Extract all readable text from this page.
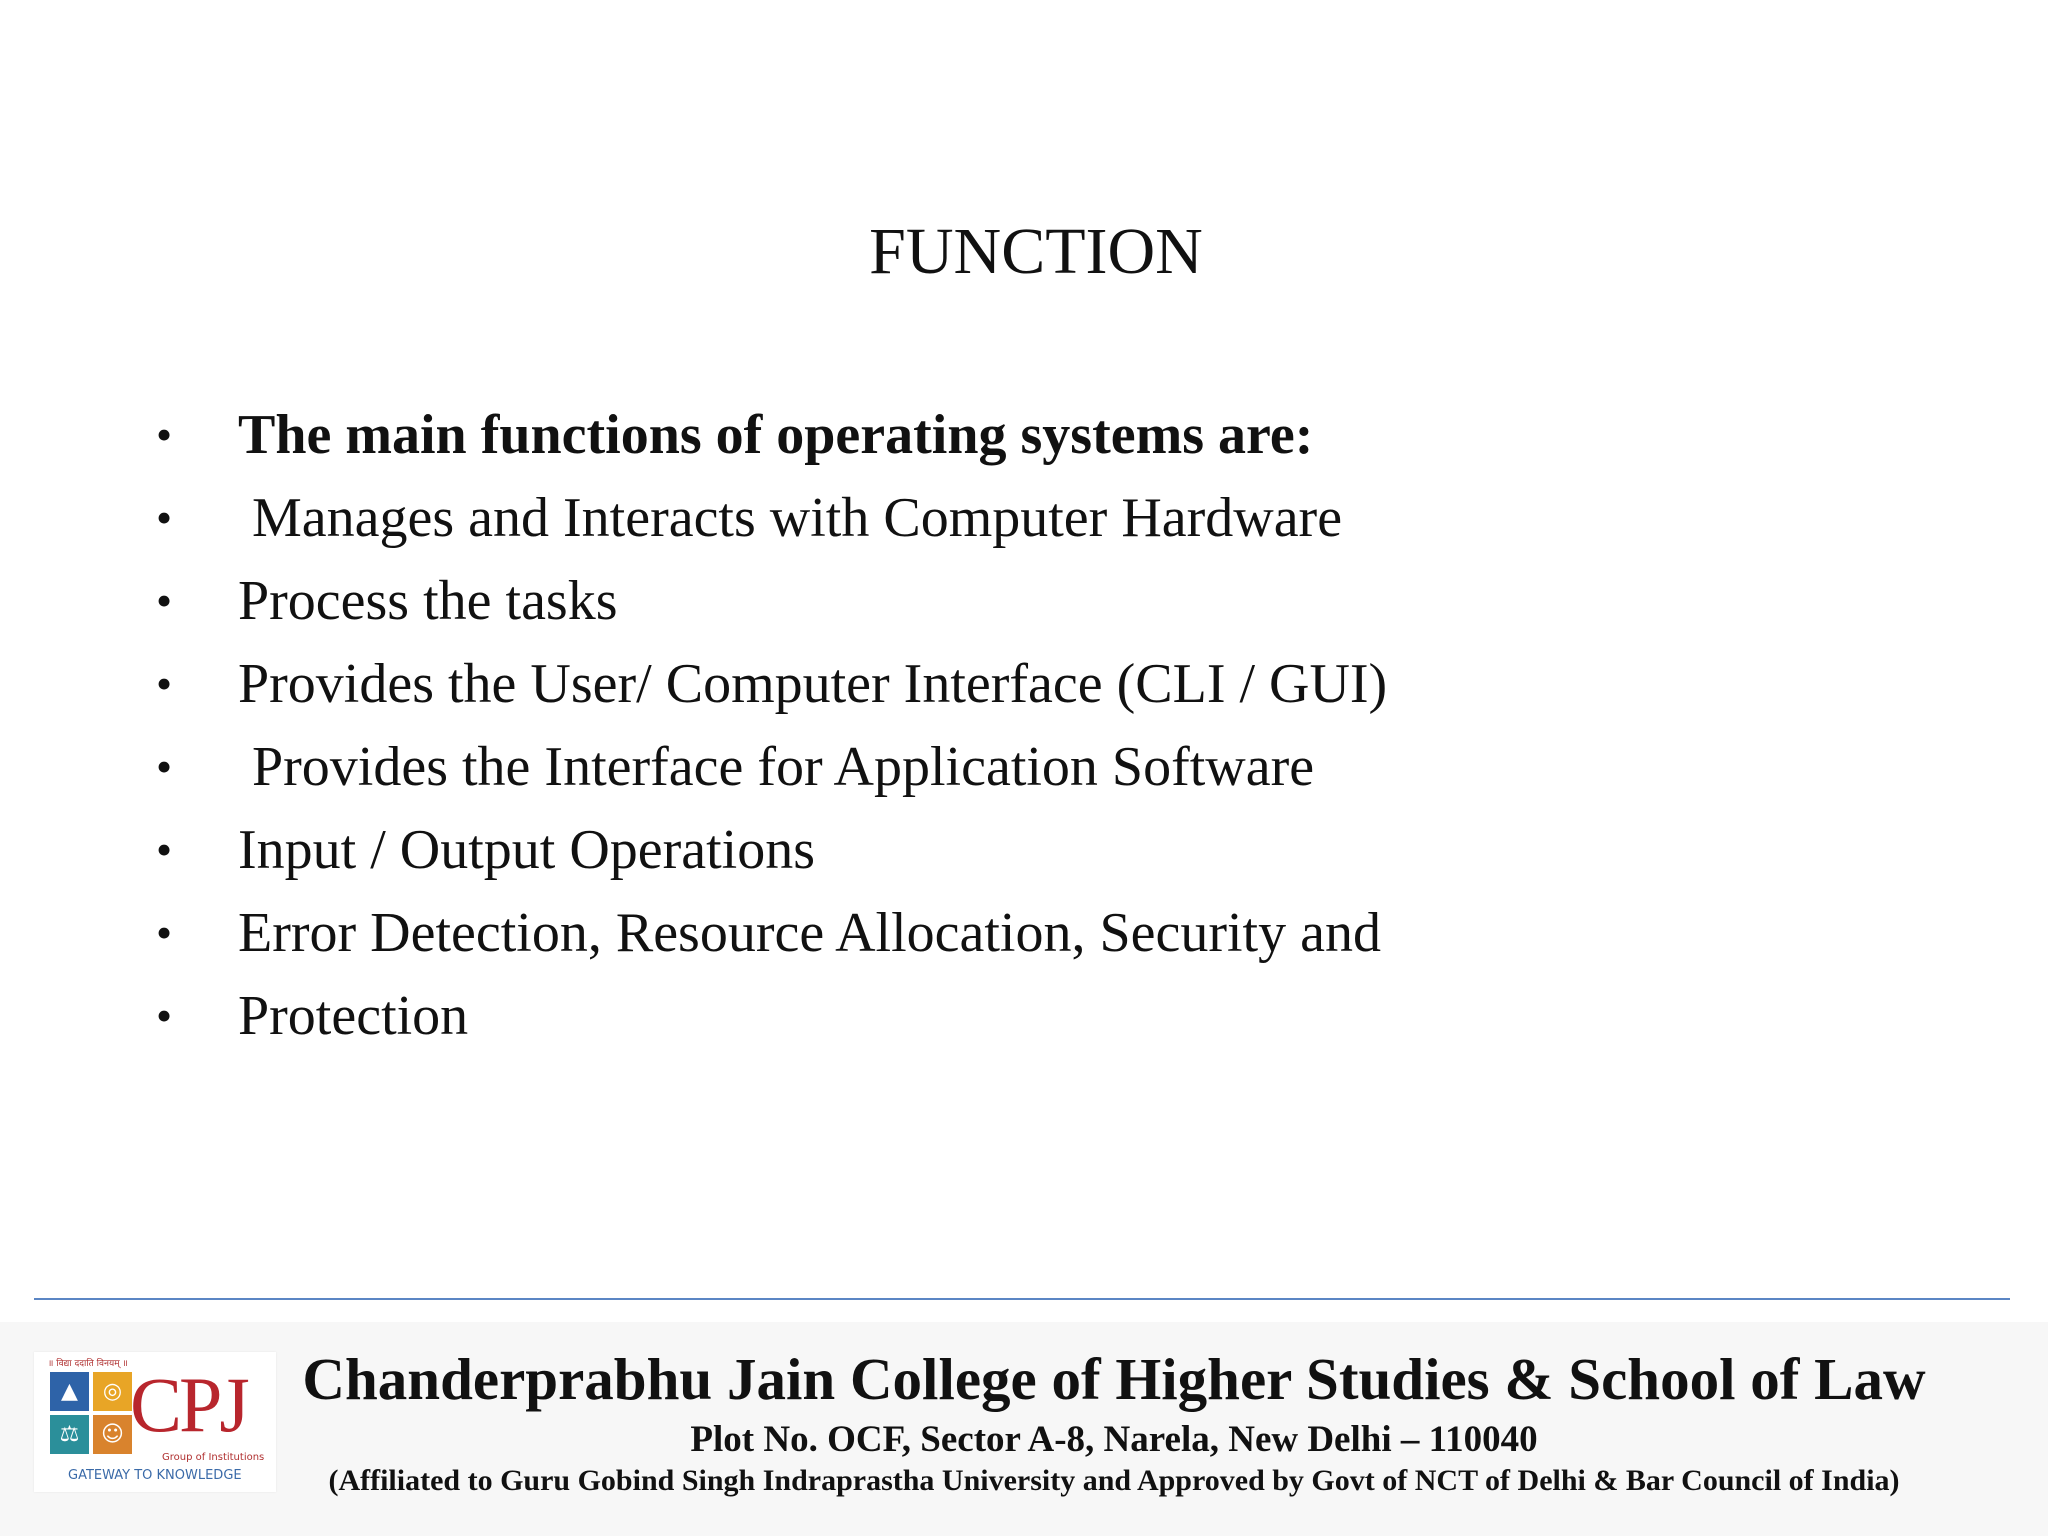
FUNCTION
• The main functions of operating systems are:
• Manages and Interacts with Computer Hardware
• Process the tasks
• Provides the User/ Computer Interface (CLI / GUI)
• Provides the Interface for Application Software
• Input / Output Operations
• Error Detection, Resource Allocation, Security and
• Protection
॥ विद्या ददाति विनयम् ॥
▲	◎
⚖ ☺ CPJ
Group of Institutions
GATEWAY TO KNOWLEDGE
Chanderprabhu Jain College of Higher Studies & School of Law
Plot No. OCF, Sector A-8, Narela, New Delhi – 110040
(Affiliated to Guru Gobind Singh Indraprastha University and Approved by Govt of NCT of Delhi & Bar Council of India)
